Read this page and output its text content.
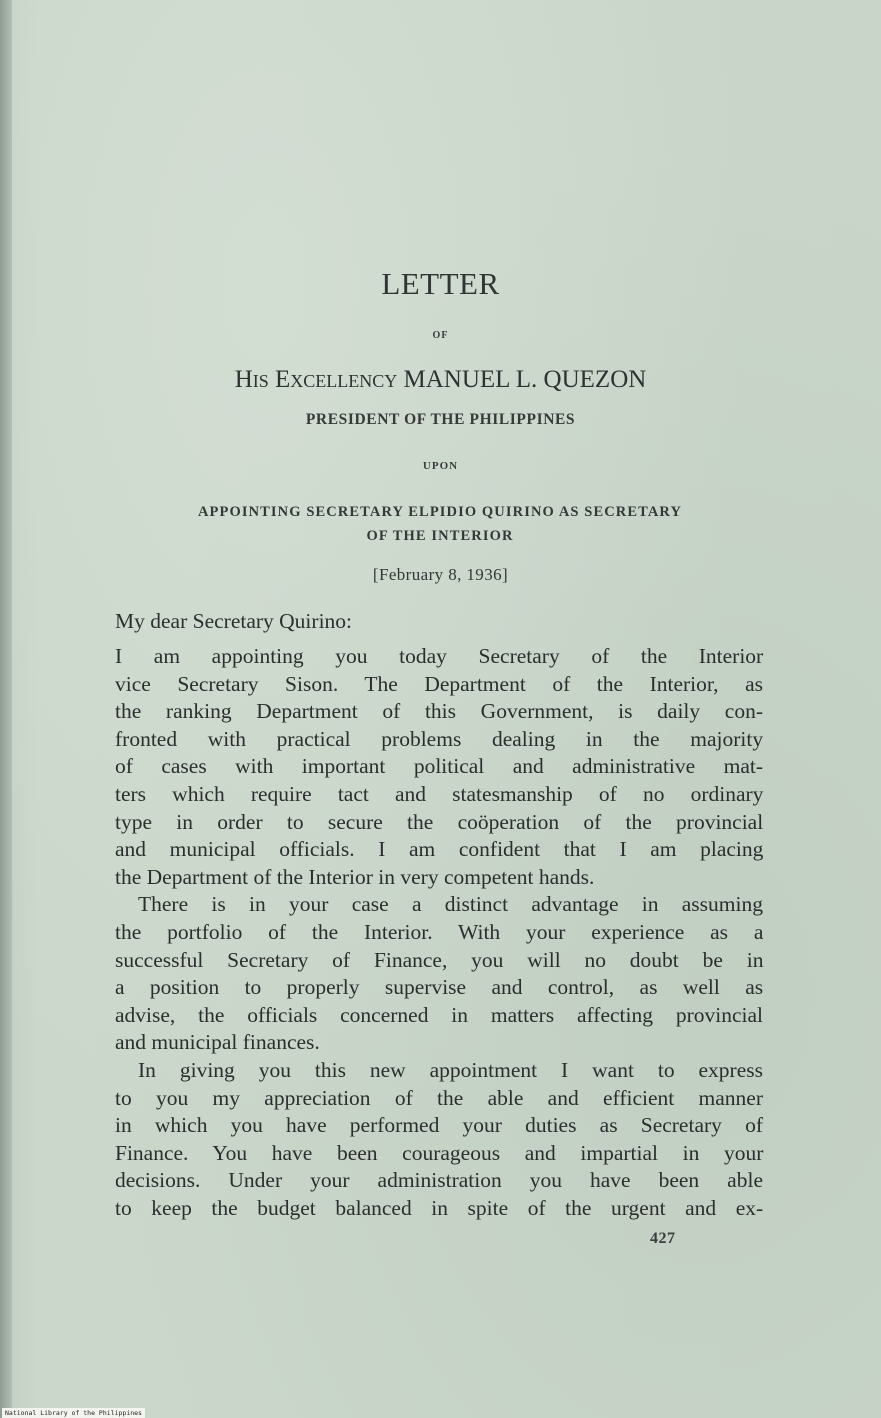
LETTER
OF
His Excellency MANUEL L. QUEZON
PRESIDENT OF THE PHILIPPINES
UPON
APPOINTING SECRETARY ELPIDIO QUIRINO AS SECRETARY
OF THE INTERIOR
[February 8, 1936]
My dear Secretary Quirino:

I am appointing you today Secretary of the Interior
vice Secretary Sison. The Department of the Interior, as
the ranking Department of this Government, is daily con-
fronted with practical problems dealing in the majority
of cases with important political and administrative mat-
ters which require tact and statesmanship of no ordinary
type in order to secure the coöperation of the provincial
and municipal officials. I am confident that I am placing
the Department of the Interior in very competent hands.

There is in your case a distinct advantage in assuming
the portfolio of the Interior. With your experience as a
successful Secretary of Finance, you will no doubt be in
a position to properly supervise and control, as well as
advise, the officials concerned in matters affecting provincial
and municipal finances.

In giving you this new appointment I want to express
to you my appreciation of the able and efficient manner
in which you have performed your duties as Secretary of
Finance. You have been courageous and impartial in your
decisions. Under your administration you have been able
to keep the budget balanced in spite of the urgent and ex-

427
National Library of the Philippines
